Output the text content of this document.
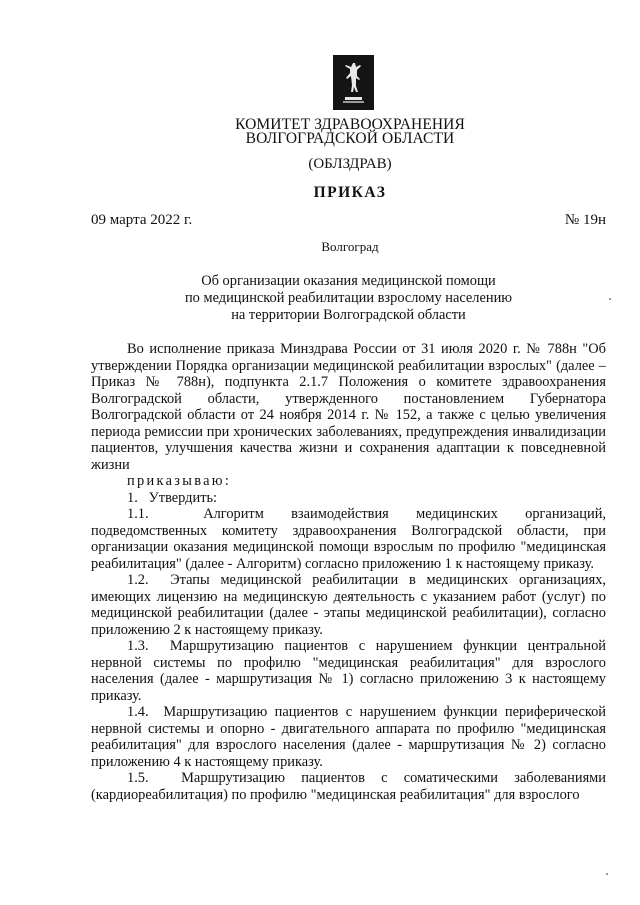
КОМИТЕТ ЗДРАВООХРАНЕНИЯ
ВОЛГОГРАДСКОЙ ОБЛАСТИ
(ОБЛЗДРАВ)
ПРИКАЗ
09 марта 2022 г.	№ 19н
Волгоград
Об организации оказания медицинской помощи
по медицинской реабилитации взрослому населению
на территории Волгоградской области

Во исполнение приказа Минздрава России от 31 июля 2020 г. № 788н "Об утверждении Порядка организации медицинской реабилитации взрослых" (далее – Приказ № 788н), подпункта 2.1.7 Положения о комитете здравоохранения Волгоградской области, утвержденного постановлением Губернатора Волгоградской области от 24 ноября 2014 г. № 152, а также с целью увеличения периода ремиссии при хронических заболеваниях, предупреждения инвалидизации пациентов, улучшения качества жизни и сохранения адаптации к повседневной жизни

приказываю:

1.   Утвердить:

1.1.  Алгоритм взаимодействия медицинских организаций, подведомственных комитету здравоохранения Волгоградской области, при организации оказания медицинской помощи взрослым по профилю "медицинская реабилитация" (далее - Алгоритм) согласно приложению 1 к настоящему приказу.

1.2.  Этапы медицинской реабилитации в медицинских организациях, имеющих лицензию на медицинскую деятельность с указанием работ (услуг) по медицинской реабилитации (далее - этапы медицинской реабилитации), согласно приложению 2 к настоящему приказу.

1.3.  Маршрутизацию пациентов с нарушением функции центральной нервной системы по профилю "медицинская реабилитация" для взрослого населения (далее - маршрутизация № 1) согласно приложению 3 к настоящему приказу.

1.4.  Маршрутизацию пациентов с нарушением функции периферической нервной системы и опорно - двигательного аппарата по профилю "медицинская реабилитация" для взрослого населения (далее - маршрутизация № 2) согласно приложению 4 к настоящему приказу.

1.5.  Маршрутизацию пациентов с соматическими заболеваниями (кардиореабилитация) по профилю "медицинская реабилитация" для взрослого
